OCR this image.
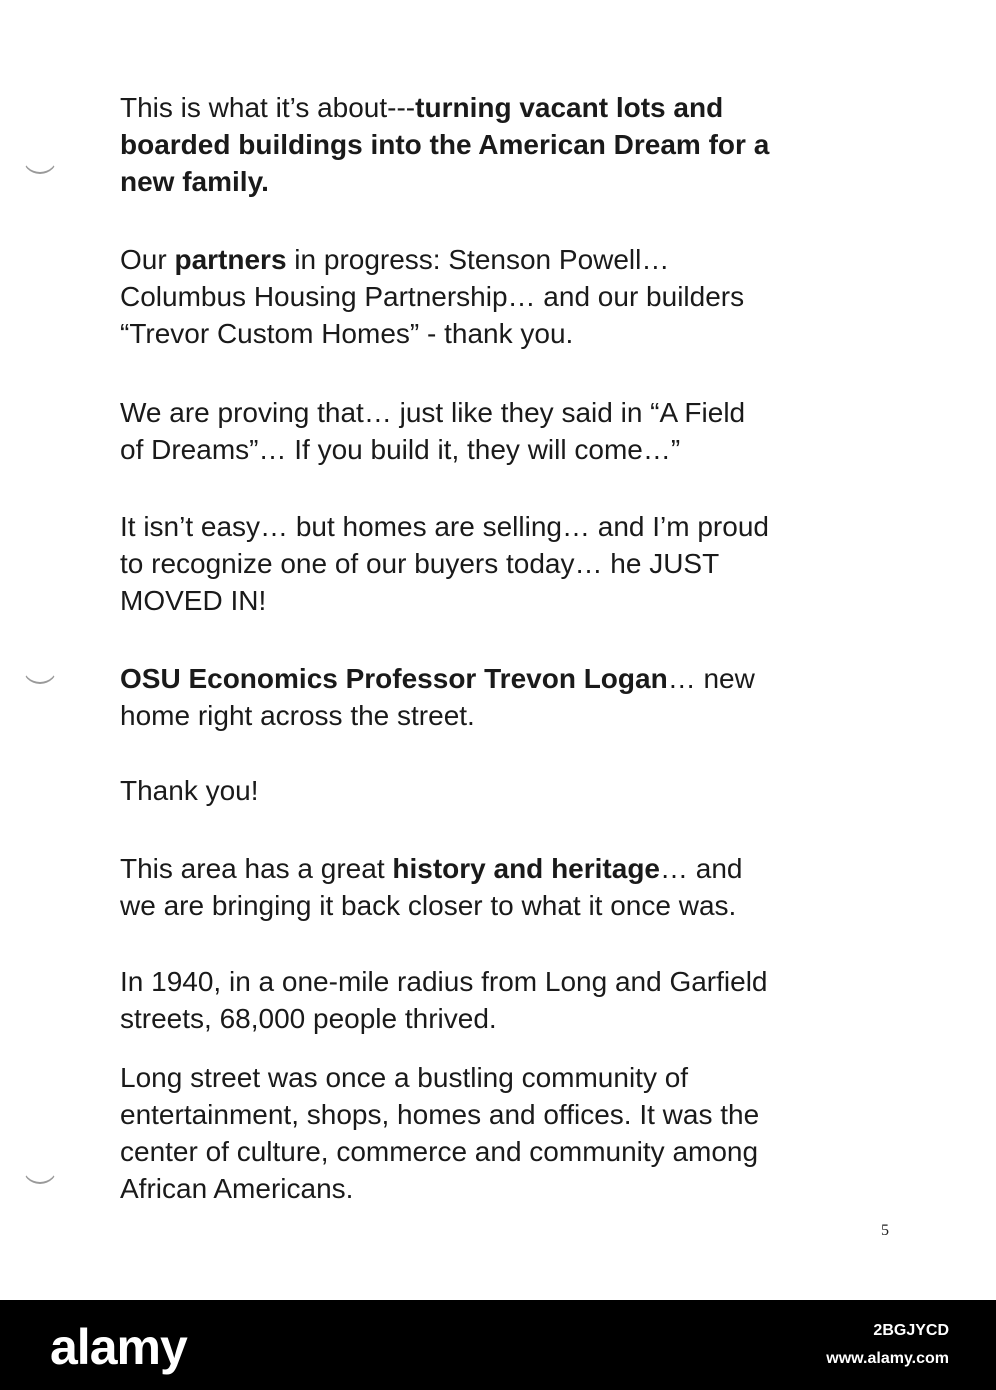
This is what it’s about---turning vacant lots and
boarded buildings into the American Dream for a
new family.

Our partners in progress: Stenson Powell…
Columbus Housing Partnership… and our builders
“Trevor Custom Homes” - thank you.

We are proving that… just like they said in “A Field
of Dreams”… If you build it, they will come…”

It isn’t easy… but homes are selling… and I’m proud
to recognize one of our buyers today… he JUST
MOVED IN!

OSU Economics Professor Trevon Logan… new
home right across the street.

Thank you!

This area has a great history and heritage… and
we are bringing it back closer to what it once was.

In 1940, in a one-mile radius from Long and Garfield
streets, 68,000 people thrived.

Long street was once a bustling community of
entertainment, shops, homes and offices. It was the
center of culture, commerce and community among
African Americans.

5
alamy	2BGJYCD
www.alamy.com
